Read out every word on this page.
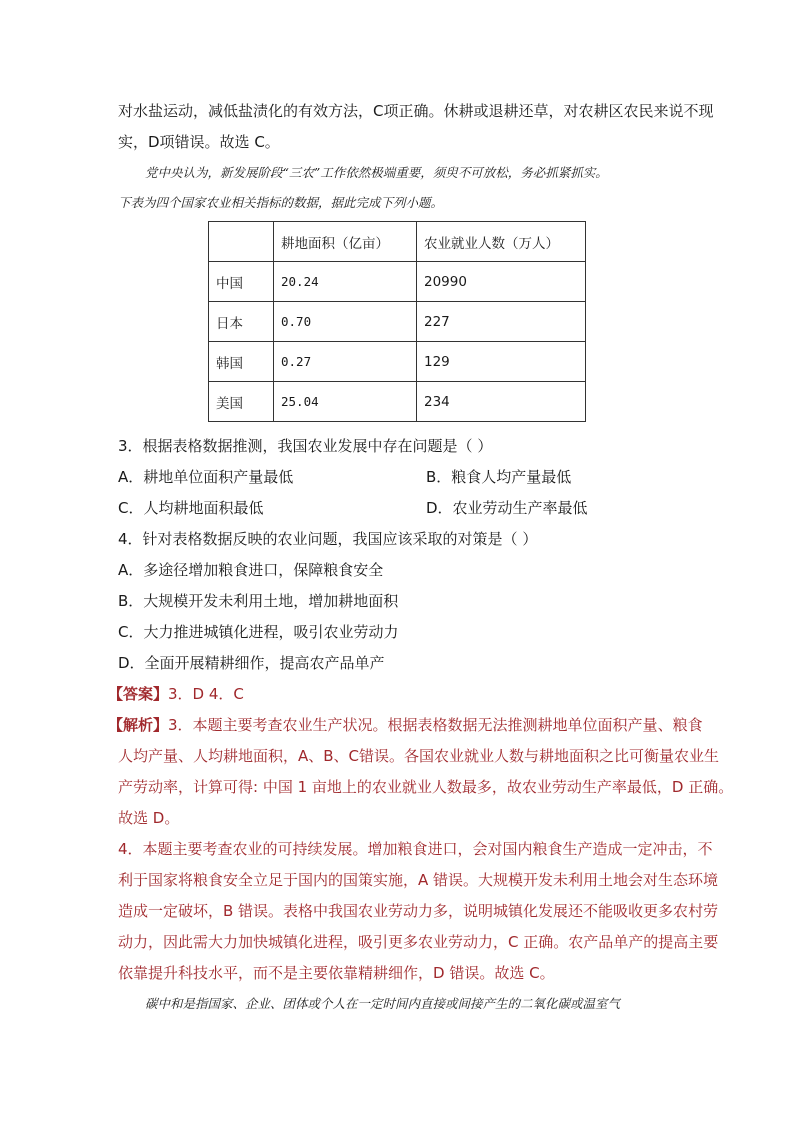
对水盐运动，减低盐渍化的有效方法，C项正确。休耕或退耕还草，对农耕区农民来说不现
实，D项错误。故选 C。
党中央认为，新发展阶段“三农”工作依然极端重要，须臾不可放松，务必抓紧抓实。
下表为四个国家农业相关指标的数据，据此完成下列小题。
	耕地面积（亿亩）	农业就业人数（万人）
中国	20.24	20990
日本	0.70	227
韩国	0.27	129
美国	25.04	234
3．根据表格数据推测，我国农业发展中存在问题是（ ）
A．耕地单位面积产量最低	B．粮食人均产量最低
C．人均耕地面积最低	D．农业劳动生产率最低
4．针对表格数据反映的农业问题，我国应该采取的对策是（ ）
A．多途径增加粮食进口，保障粮食安全
B．大规模开发未利用土地，增加耕地面积
C．大力推进城镇化进程，吸引农业劳动力
D．全面开展精耕细作，提高农产品单产
【答案】3．D 4．C
【解析】3．本题主要考查农业生产状况。根据表格数据无法推测耕地单位面积产量、粮食
人均产量、人均耕地面积，A、B、C错误。各国农业就业人数与耕地面积之比可衡量农业生
产劳动率，计算可得: 中国 1 亩地上的农业就业人数最多，故农业劳动生产率最低，D 正确。
故选 D。
4．本题主要考查农业的可持续发展。增加粮食进口，会对国内粮食生产造成一定冲击，不
利于国家将粮食安全立足于国内的国策实施，A 错误。大规模开发未利用土地会对生态环境
造成一定破坏，B 错误。表格中我国农业劳动力多，说明城镇化发展还不能吸收更多农村劳
动力，因此需大力加快城镇化进程，吸引更多农业劳动力，C 正确。农产品单产的提高主要
依靠提升科技水平，而不是主要依靠精耕细作，D 错误。故选 C。
碳中和是指国家、企业、团体或个人在一定时间内直接或间接产生的二氧化碳或温室气
